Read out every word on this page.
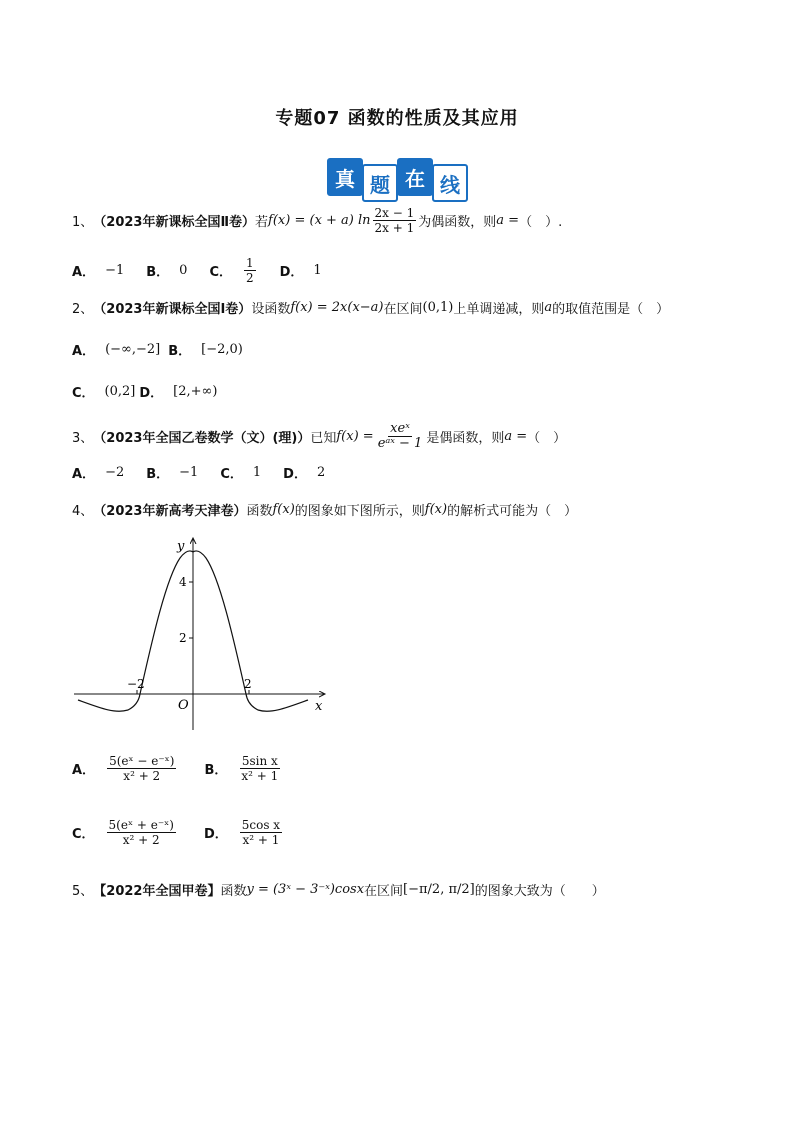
专题07 函数的性质及其应用
真 题 在 线
1、 （2023年新课标全国Ⅱ卷） 若 f(x) = (x + a) $\ln \frac{2x - 1}{2x + 1}$ 为偶函数，则 a = （　）.
A． −1 B． 0 C． $\frac{1}{2}$ D． 1
2、 （2023年新课标全国Ⅰ卷） 设函数 f(x) = 2 x(x−a) 在区间 (0,1) 上单调递减，则 a 的取值范围是（　）
A． (−∞,−2] B． [−2,0)
C． (0,2] D． [2,+∞)
3、 （2023年全国乙卷数学（文）(理)） 已知 $f(x) = \frac{\text{xeˣ}}{\text{eᵃˣ − 1}}$ 是偶函数，则 a = （　）
A． −2 B． −1 C． 1 D． 2
4、 （2023年新高考天津卷） 函数 f(x) 的图象如下图所示，则 f(x) 的解析式可能为（　）
y
x
O
4
2
−2	2
A． $\frac{\text{5(eˣ − e⁻ˣ)}}{\text{x² + 2}}$ B． $\frac{\text{5sin x}}{\text{x² + 1}}$
C． $\frac{\text{5(eˣ + e⁻ˣ)}}{\text{x² + 2}}$ D． $\frac{\text{5cos x}}{\text{x² + 1}}$
5、 【2022年全国甲卷】 函数 y = (3ˣ − 3⁻ˣ)cosx 在区间 [−π/2, π/2] 的图象大致为（　　）
